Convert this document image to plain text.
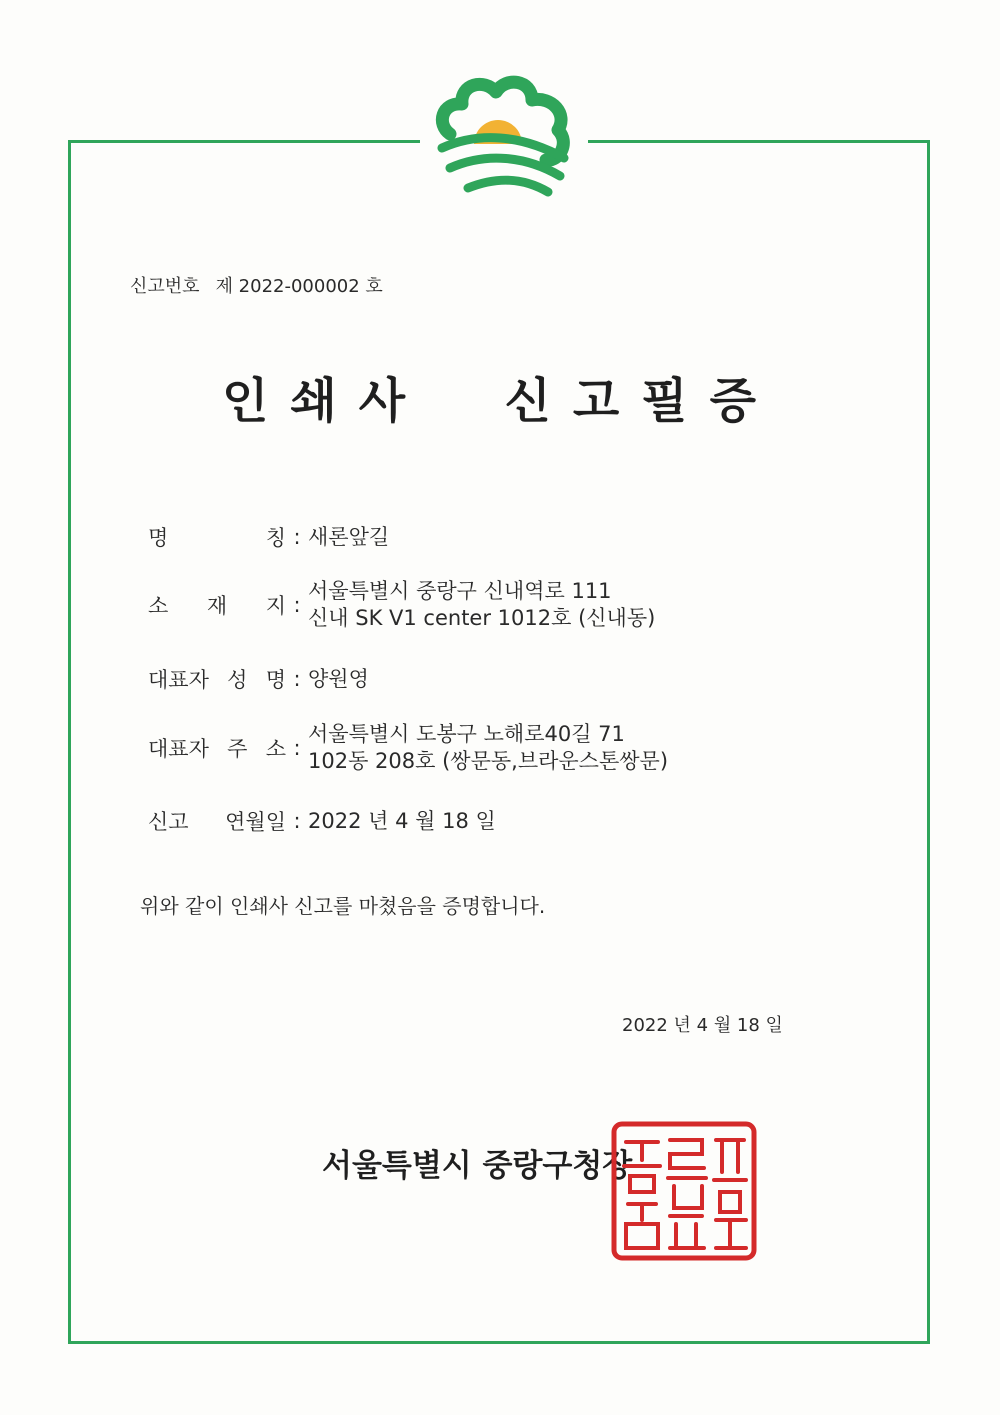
신고번호 제 2022-000002 호
인쇄사  신고필증
명	칭 : 새론앞길
소 재 지 :
서울특별시 중랑구 신내역로 111
신내 SK V1 center 1012호 (신내동)
대표자 성 명 : 양원영
대표자 주 소 :
서울특별시 도봉구 노해로40길 71
102동 208호 (쌍문동,브라운스톤쌍문)
신고 연월일 : 2022 년 4 월 18 일
위와 같이 인쇄사 신고를 마쳤음을 증명합니다.
2022 년 4 월 18 일
서울특별시 중랑구청장
